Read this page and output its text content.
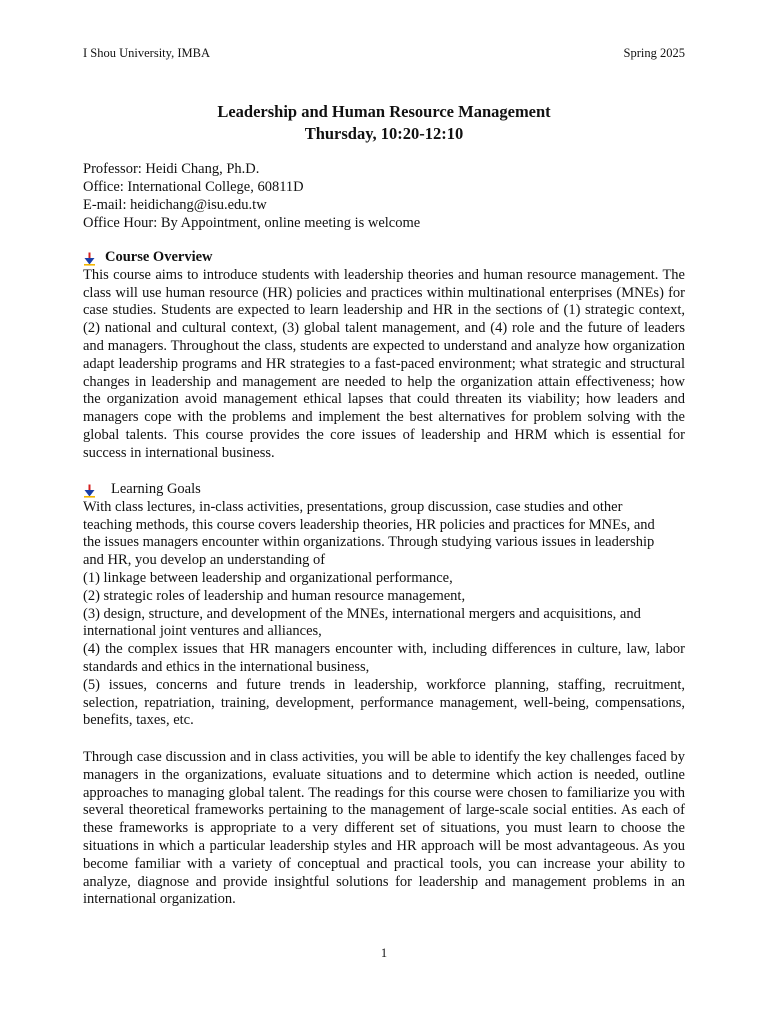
I Shou University, IMBA	Spring 2025
Leadership and Human Resource Management
Thursday, 10:20-12:10
Professor: Heidi Chang, Ph.D.
Office: International College, 60811D
E-mail: heidichang@isu.edu.tw
Office Hour: By Appointment, online meeting is welcome
Course Overview
This course aims to introduce students with leadership theories and human resource management. The class will use human resource (HR) policies and practices within multinational enterprises (MNEs) for case studies. Students are expected to learn leadership and HR in the sections of (1) strategic context, (2) national and cultural context, (3) global talent management, and (4) role and the future of leaders and managers. Throughout the class, students are expected to understand and analyze how organization adapt leadership programs and HR strategies to a fast-paced environment; what strategic and structural changes in leadership and management are needed to help the organization attain effectiveness; how the organization avoid management ethical lapses that could threaten its viability; how leaders and managers cope with the problems and implement the best alternatives for problem solving with the global talents. This course provides the core issues of leadership and HRM which is essential for success in international business.
Learning Goals
With class lectures, in-class activities, presentations, group discussion, case studies and other
teaching methods, this course covers leadership theories, HR policies and practices for MNEs, and
the issues managers encounter within organizations. Through studying various issues in leadership
and HR, you develop an understanding of
(1) linkage between leadership and organizational performance,
(2) strategic roles of leadership and human resource management,
(3) design, structure, and development of the MNEs, international mergers and acquisitions, and international joint ventures and alliances,
(4) the complex issues that HR managers encounter with, including differences in culture, law, labor standards and ethics in the international business,
(5) issues, concerns and future trends in leadership, workforce planning, staffing, recruitment, selection, repatriation, training, development, performance management, well-being, compensations, benefits, taxes, etc.
Through case discussion and in class activities, you will be able to identify the key challenges faced by managers in the organizations, evaluate situations and to determine which action is needed, outline approaches to managing global talent. The readings for this course were chosen to familiarize you with several theoretical frameworks pertaining to the management of large-scale social entities. As each of these frameworks is appropriate to a very different set of situations, you must learn to choose the situations in which a particular leadership styles and HR approach will be most advantageous. As you become familiar with a variety of conceptual and practical tools, you can increase your ability to analyze, diagnose and provide insightful solutions for leadership and management problems in an international organization.
1
